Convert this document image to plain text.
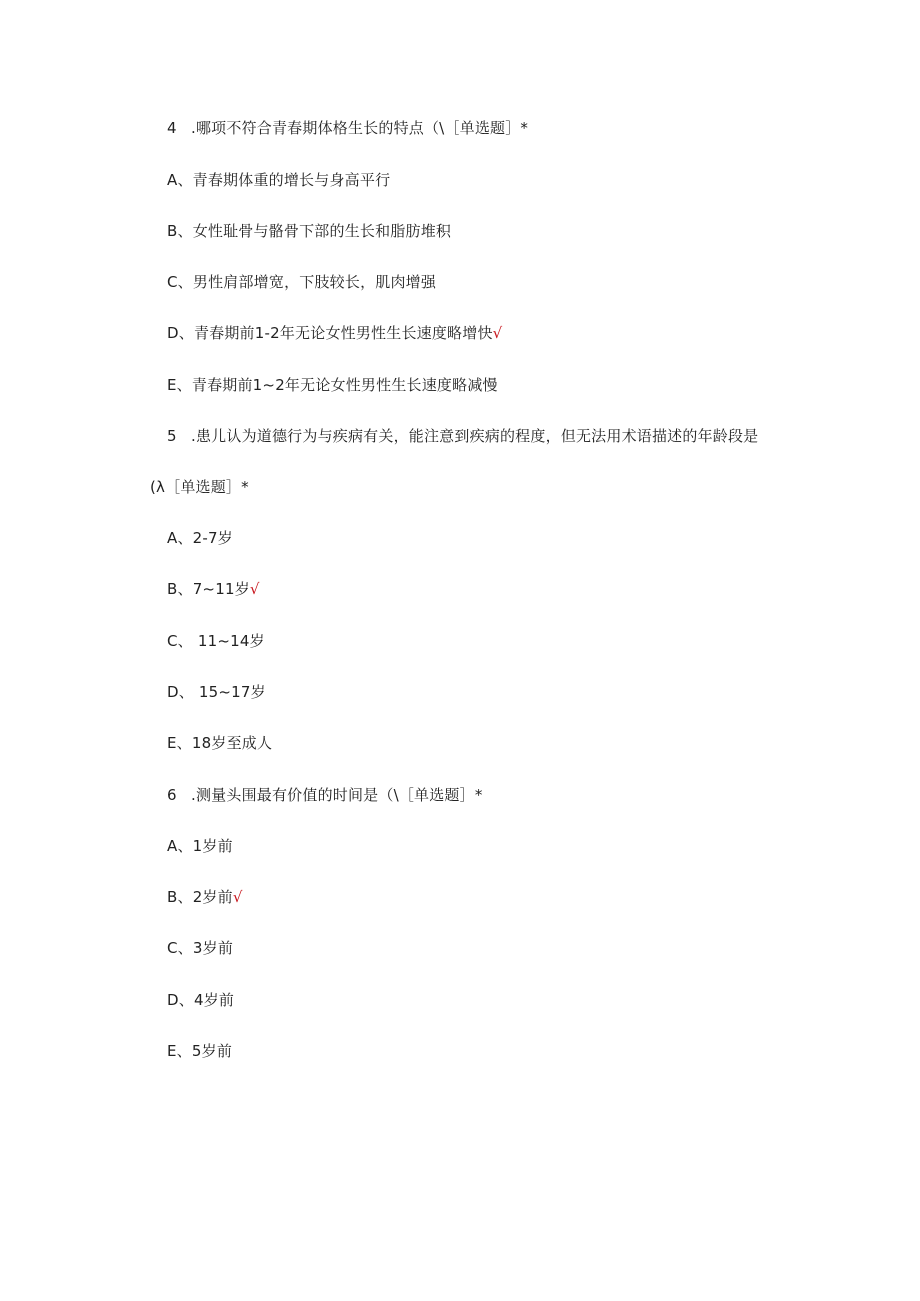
4 .哪项不符合青春期体格生长的特点（\［单选题］*
A、青春期体重的增长与身高平行
B、女性耻骨与骼骨下部的生长和脂肪堆积
C、男性肩部增宽，下肢较长，肌肉增强
D、青春期前1-2年无论女性男性生长速度略增快√
E、青春期前1~2年无论女性男性生长速度略减慢
5 .患儿认为道德行为与疾病有关，能注意到疾病的程度，但无法用术语描述的年龄段是
(λ［单选题］*
A、2-7岁
B、7~11岁√
C、 11~14岁
D、 15~17岁
E、18岁至成人
6 .测量头围最有价值的时间是（\［单选题］*
A、1岁前
B、2岁前√
C、3岁前
D、4岁前
E、5岁前
